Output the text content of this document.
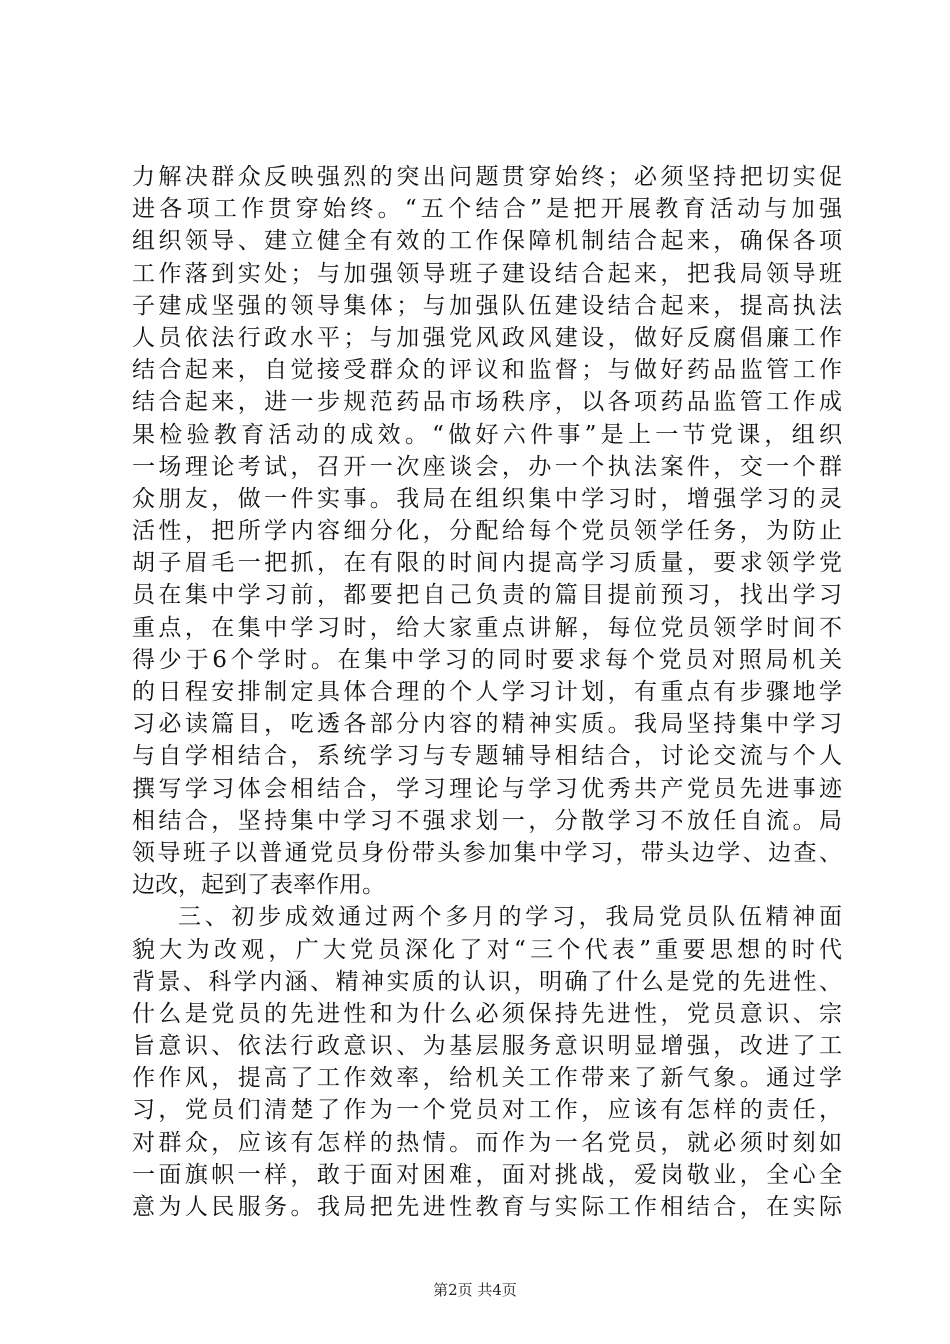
力解决群众反映强烈的突出问题贯穿始终；必须坚持把切实促
进各项工作贯穿始终。“五个结合”是把开展教育活动与加强
组织领导、建立健全有效的工作保障机制结合起来，确保各项
工作落到实处；与加强领导班子建设结合起来，把我局领导班
子建成坚强的领导集体；与加强队伍建设结合起来，提高执法
人员依法行政水平；与加强党风政风建设，做好反腐倡廉工作
结合起来，自觉接受群众的评议和监督；与做好药品监管工作
结合起来，进一步规范药品市场秩序，以各项药品监管工作成
果检验教育活动的成效。“做好六件事”是上一节党课，组织
一场理论考试，召开一次座谈会，办一个执法案件，交一个群
众朋友，做一件实事。我局在组织集中学习时，增强学习的灵
活性，把所学内容细分化，分配给每个党员领学任务，为防止
胡子眉毛一把抓，在有限的时间内提高学习质量，要求领学党
员在集中学习前，都要把自己负责的篇目提前预习，找出学习
重点，在集中学习时，给大家重点讲解，每位党员领学时间不
得少于6个学时。在集中学习的同时要求每个党员对照局机关
的日程安排制定具体合理的个人学习计划，有重点有步骤地学
习必读篇目，吃透各部分内容的精神实质。我局坚持集中学习
与自学相结合，系统学习与专题辅导相结合，讨论交流与个人
撰写学习体会相结合，学习理论与学习优秀共产党员先进事迹
相结合，坚持集中学习不强求划一，分散学习不放任自流。局
领导班子以普通党员身份带头参加集中学习，带头边学、边查、
边改，起到了表率作用。
三、初步成效通过两个多月的学习，我局党员队伍精神面
貌大为改观，广大党员深化了对“三个代表”重要思想的时代
背景、科学内涵、精神实质的认识，明确了什么是党的先进性、
什么是党员的先进性和为什么必须保持先进性，党员意识、宗
旨意识、依法行政意识、为基层服务意识明显增强，改进了工
作作风，提高了工作效率，给机关工作带来了新气象。通过学
习，党员们清楚了作为一个党员对工作，应该有怎样的责任，
对群众，应该有怎样的热情。而作为一名党员，就必须时刻如
一面旗帜一样，敢于面对困难，面对挑战，爱岗敬业，全心全
意为人民服务。我局把先进性教育与实际工作相结合，在实际
第2页 共4页
